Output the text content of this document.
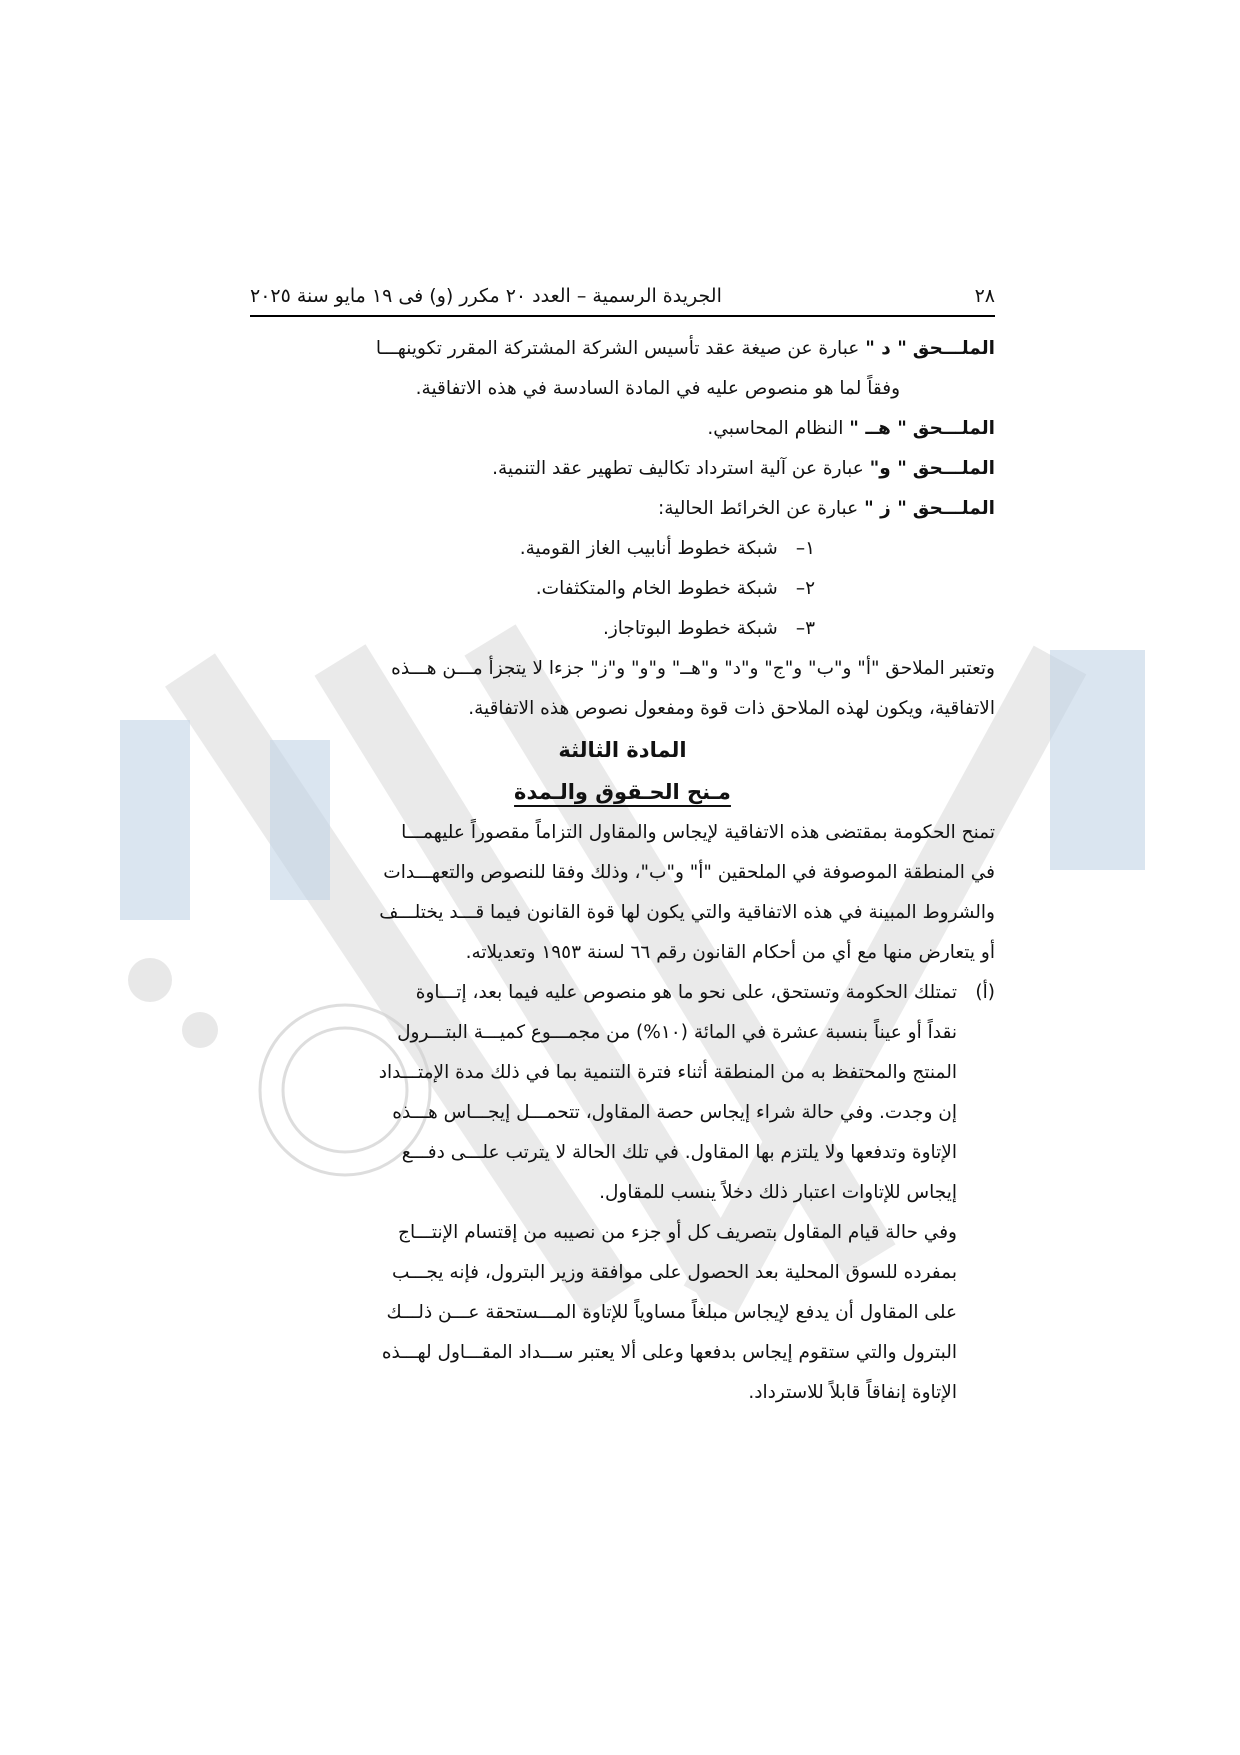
٢٨
الجريدة الرسمية – العدد ٢٠ مكرر (و) فى ١٩ مايو سنة ٢٠٢٥
الملـــحق " د " عبارة عن صيغة عقد تأسيس الشركة المشتركة المقرر تكوينهـــا
وفقاً لما هو منصوص عليه في المادة السادسة في هذه الاتفاقية.
الملـــحق " هــ " النظام المحاسبي.
الملـــحق " و" عبارة عن آلية استرداد تكاليف تطهير عقد التنمية.
الملـــحق " ز " عبارة عن الخرائط الحالية:
١–
شبكة خطوط أنابيب الغاز القومية.
٢–
شبكة خطوط الخام والمتكثفات.
٣–
شبكة خطوط البوتاجاز.
وتعتبر الملاحق "أ" و"ب" و"ج" و"د" و"هــ" و"و" و"ز" جزءا لا يتجزأ مـــن هـــذه
الاتفاقية، ويكون لهذه الملاحق ذات قوة ومفعول نصوص هذه الاتفاقية.
المادة الثالثة
مـنح الحـقوق والـمدة
تمنح الحكومة بمقتضى هذه الاتفاقية لإيجاس والمقاول التزاماً مقصوراً عليهمـــا
في المنطقة الموصوفة في الملحقين "أ" و"ب"، وذلك وفقا للنصوص والتعهـــدات
والشروط المبينة في هذه الاتفاقية والتي يكون لها قوة القانون فيما قـــد يختلـــف
أو يتعارض منها مع أي من أحكام القانون رقم ٦٦ لسنة ١٩٥٣ وتعديلاته.
(أ)
تمتلك الحكومة وتستحق، على نحو ما هو منصوص عليه فيما بعد، إتـــاوة
نقداً أو عيناً بنسبة عشرة في المائة (١٠%) من مجمـــوع كميـــة البتـــرول
المنتج والمحتفظ به من المنطقة أثناء فترة التنمية بما في ذلك مدة الإمتـــداد
إن وجدت. وفي حالة شراء إيجاس حصة المقاول، تتحمـــل إيجـــاس هـــذه
الإتاوة وتدفعها ولا يلتزم بها المقاول. في تلك الحالة لا يترتب علـــى دفـــع
إيجاس للإتاوات اعتبار ذلك دخلاً ينسب للمقاول.
وفي حالة قيام المقاول بتصريف كل أو جزء من نصيبه من إقتسام الإنتـــاج
بمفرده للسوق المحلية بعد الحصول على موافقة وزير البترول، فإنه يجـــب
على المقاول أن يدفع لإيجاس مبلغاً مساوياً للإتاوة المـــستحقة عـــن ذلـــك
البترول والتي ستقوم إيجاس بدفعها وعلى ألا يعتبر ســـداد المقـــاول لهـــذه
الإتاوة إنفاقاً قابلاً للاسترداد.
